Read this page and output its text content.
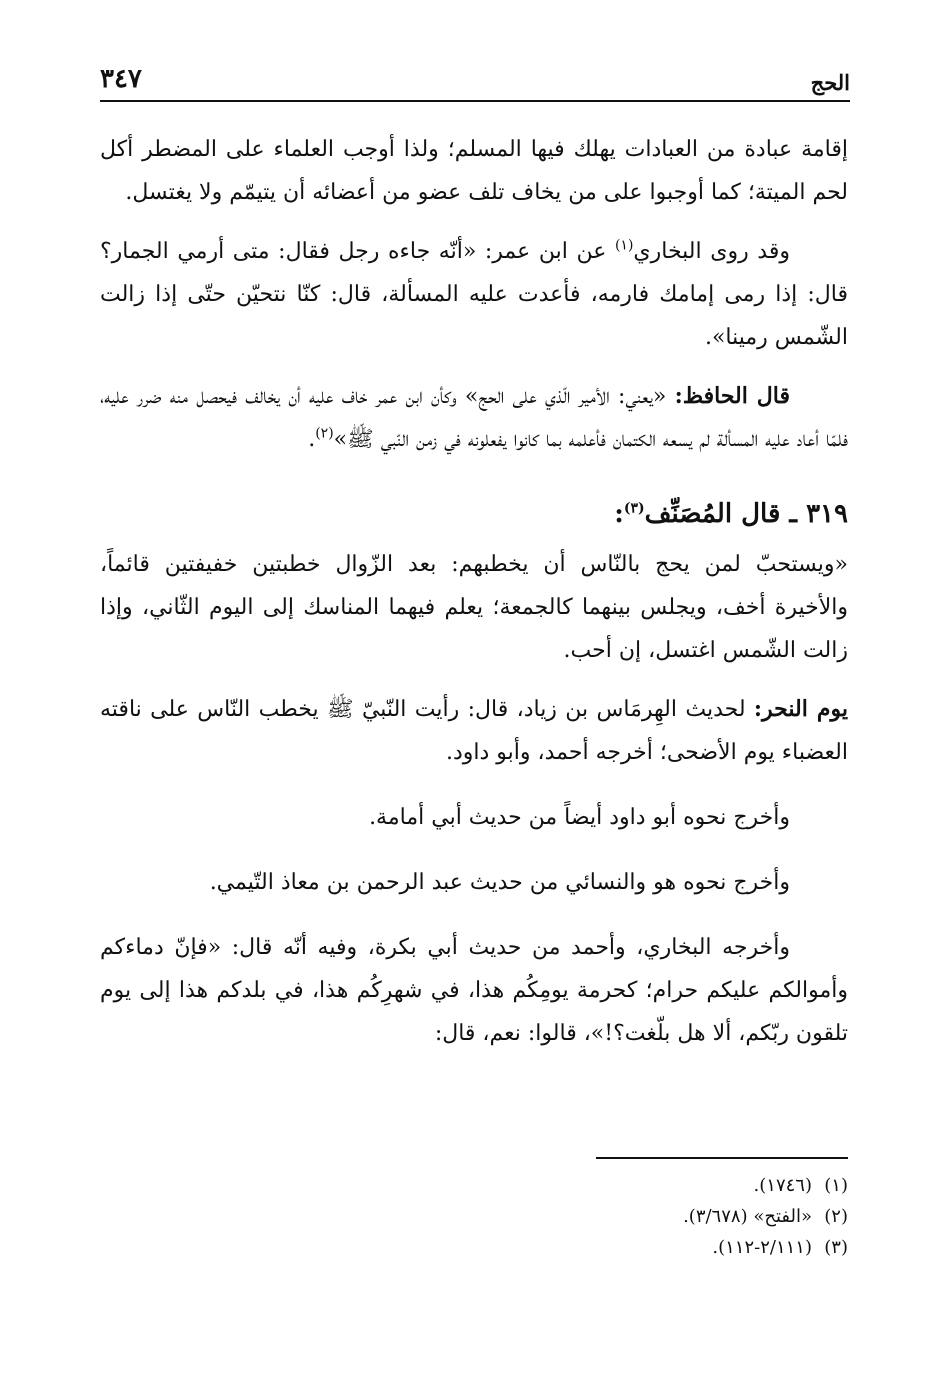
الحج
٣٤٧

إقامة عبادة من العبادات يهلك فيها المسلم؛ ولذا أوجب العلماء على المضطر أكل لحم الميتة؛ كما أوجبوا على من يخاف تلف عضو من أعضائه أن يتيمّم ولا يغتسل.

وقد روى البخاري$^{(١)}$ عن ابن عمر: «أنّه جاءه رجل فقال: متى أرمي الجمار؟ قال: إذا رمى إمامك فارمه، فأعدت عليه المسألة، قال: كنّا نتحيّن حتّى إذا زالت الشّمس رمينا».

قال الحافظ: «يعني: الأمير الّذي على الحج» وكأن ابن عمر خاف عليه أن يخالف فيحصل منه ضرر عليه، فلمّا أعاد عليه المسألة لم يسعه الكتمان فأعلمه بما كانوا يفعلونه في زمن النّبي ﷺ»$^{(٢)}$.

٣١٩ ـ قال المُصَنِّف$^{(٣)}$:

«ويستحبّ لمن يحج بالنّاس أن يخطبهم: بعد الزّوال خطبتين خفيفتين قائماً، والأخيرة أخف، ويجلس بينهما كالجمعة؛ يعلم فيهما المناسك إلى اليوم الثّاني، وإذا زالت الشّمس اغتسل، إن أحب.

يوم النحر: لحديث الهِرمَاس بن زياد، قال: رأيت النّبيّ ﷺ يخطب النّاس على ناقته العضباء يوم الأضحى؛ أخرجه أحمد، وأبو داود.

وأخرج نحوه أبو داود أيضاً من حديث أبي أمامة.

وأخرج نحوه هو والنسائي من حديث عبد الرحمن بن معاذ التّيمي.

وأخرجه البخاري، وأحمد من حديث أبي بكرة، وفيه أنّه قال: «فإنّ دماءكم وأموالكم عليكم حرام؛ كحرمة يومِكُم هذا، في شهرِكُم هذا، في بلدكم هذا إلى يوم تلقون ربّكم، ألا هل بلّغت؟!»، قالوا: نعم، قال:

(١)(١٧٤٦).
(٢)«الفتح» (٣/٦٧٨).
(٣)(٢/١١١-١١٢).
